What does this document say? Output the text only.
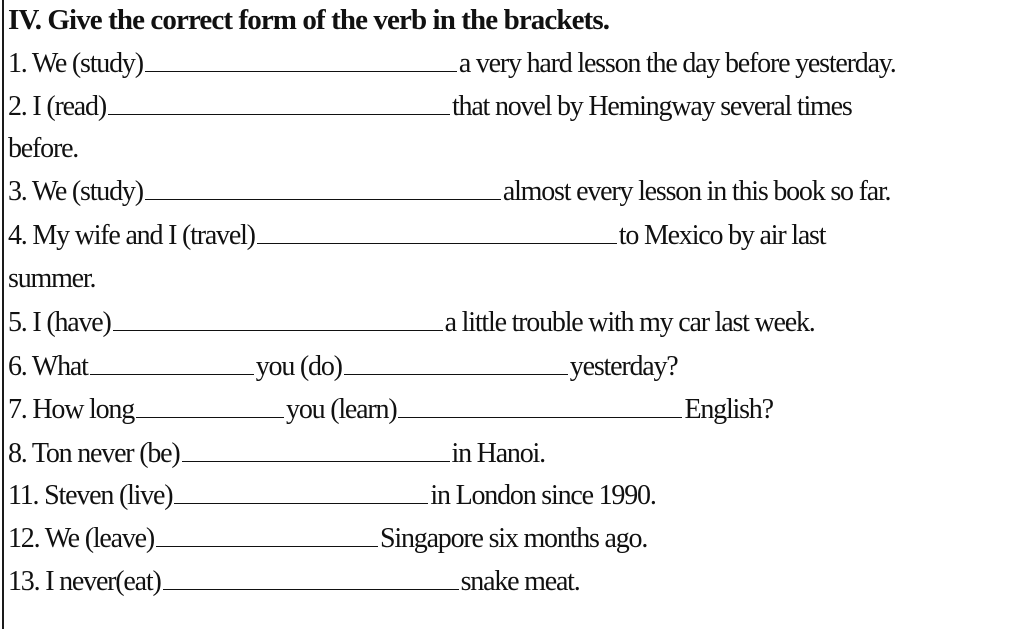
IV. Give the correct form of the verb in the brackets.
1. We (study)	a very hard lesson the day before yesterday.
2. I (read)	that novel by Hemingway several times
before.
3. We (study)	almost every lesson in this book so far.
4. My wife and I (travel)	to Mexico by air last
summer.
5. I (have)	a little trouble with my car last week.
6. What	you (do)	yesterday?
7. How long	you (learn)	English?
8. Ton never (be)	in Hanoi.
11. Steven (live)	in London since 1990.
12. We (leave)	Singapore six months ago.
13. I never(eat)	snake meat.
